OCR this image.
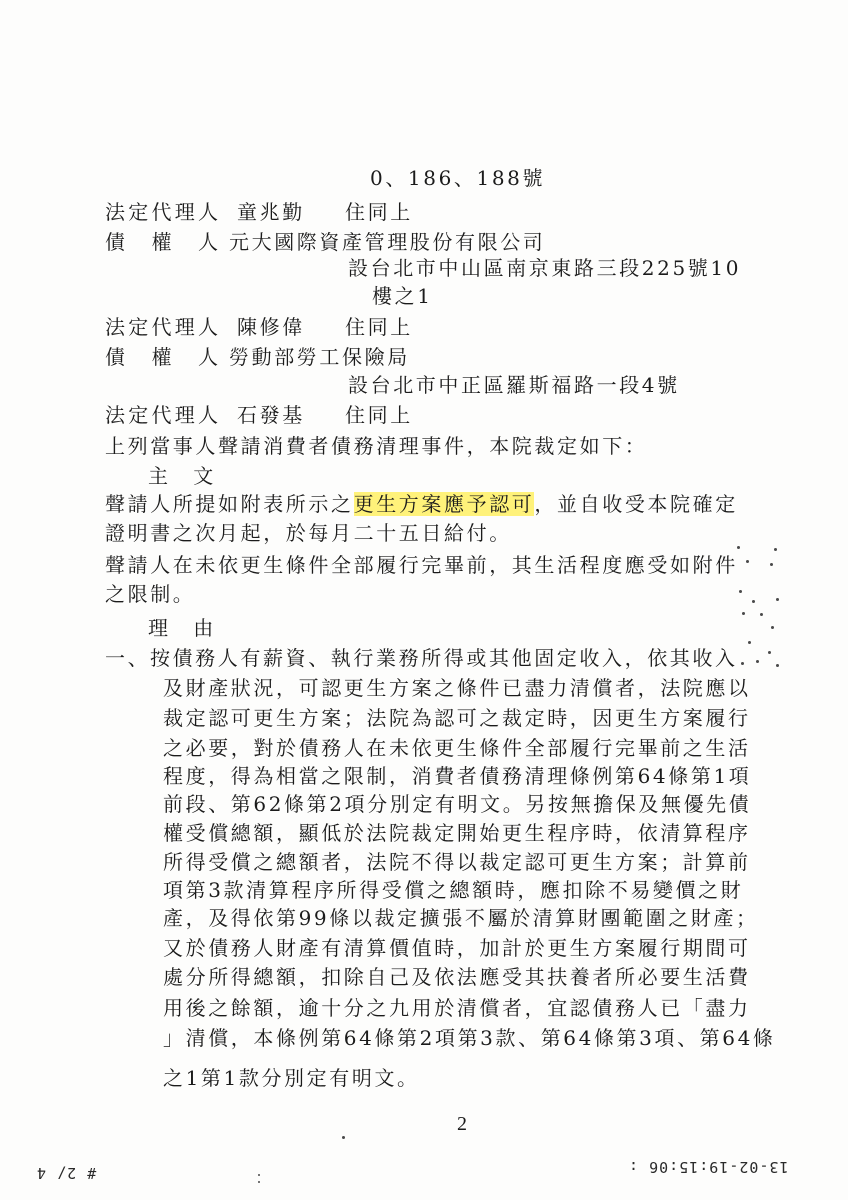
0、186、188號
法定代理人 童兆勤 住同上
債　權　人 元大國際資產管理股份有限公司
設台北市中山區南京東路三段225號10
樓之1
法定代理人 陳修偉 住同上
債　權　人 勞動部勞工保險局
設台北市中正區羅斯福路一段4號
法定代理人 石發基 住同上
上列當事人聲請消費者債務清理事件，本院裁定如下：
主　文
聲請人所提如附表所示之更生方案應予認可，並自收受本院確定
證明書之次月起，於每月二十五日給付。
聲請人在未依更生條件全部履行完畢前，其生活程度應受如附件
之限制。
理　由
一、 按債務人有薪資、執行業務所得或其他固定收入，依其收入
及財產狀況，可認更生方案之條件已盡力清償者，法院應以
裁定認可更生方案；法院為認可之裁定時，因更生方案履行
之必要，對於債務人在未依更生條件全部履行完畢前之生活
程度，得為相當之限制，消費者債務清理條例第64條第1項
前段、第62條第2項分別定有明文。另按無擔保及無優先債
權受償總額，顯低於法院裁定開始更生程序時，依清算程序
所得受償之總額者，法院不得以裁定認可更生方案；計算前
項第3款清算程序所得受償之總額時，應扣除不易變價之財
產，及得依第99條以裁定擴張不屬於清算財團範圍之財產；
又於債務人財產有清算價值時，加計於更生方案履行期間可
處分所得總額，扣除自己及依法應受其扶養者所必要生活費
用後之餘額，逾十分之九用於清償者，宜認債務人已「盡力
」清償，本條例第64條第2項第3款、第64條第3項、第64條
之1第1款分別定有明文。
2
13-02-19:15:06 :
# 2/ 4
